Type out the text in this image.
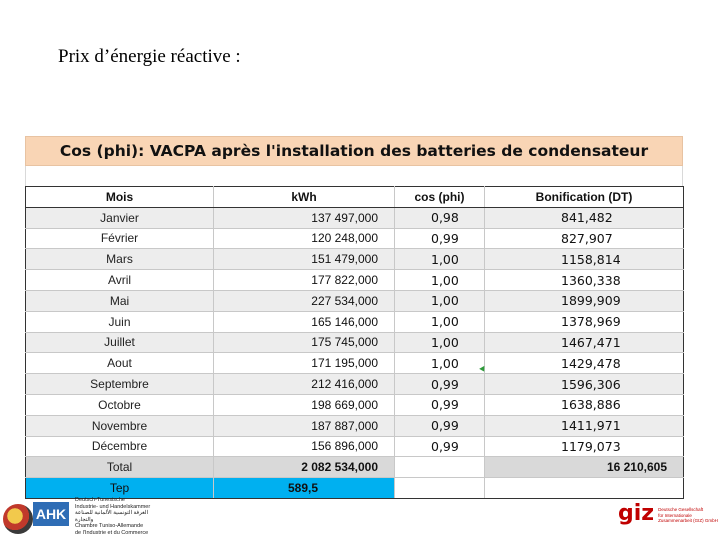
Prix d’énergie réactive :
Cos (phi): VACPA après l'installation des batteries de condensateur
Mois	kWh	cos (phi)	Bonification (DT)
Janvier	137 497,000	0,98	841,482
Février	120 248,000	0,99	827,907
Mars	151 479,000	1,00	1158,814
Avril	177 822,000	1,00	1360,338
Mai	227 534,000	1,00	1899,909
Juin	165 146,000	1,00	1378,969
Juillet	175 745,000	1,00	1467,471
Aout	171 195,000	1,00	1429,478
Septembre	212 416,000	0,99	1596,306
Octobre	198 669,000	0,99	1638,886
Novembre	187 887,000	0,99	1411,971
Décembre	156 896,000	0,99	1179,073
Total	2 082 534,000		16 210,605
Tep	589,5		
AHK
Deutsch-Tunesische
Industrie- und Handelskammer
الغرفة التونسية الألمانية للصناعة والتجارة
Chambre Tuniso-Allemande
de l'Industrie et du Commerce
giz Deutsche Gesellschaft
für Internationale
Zusammenarbeit (GIZ) GmbH
